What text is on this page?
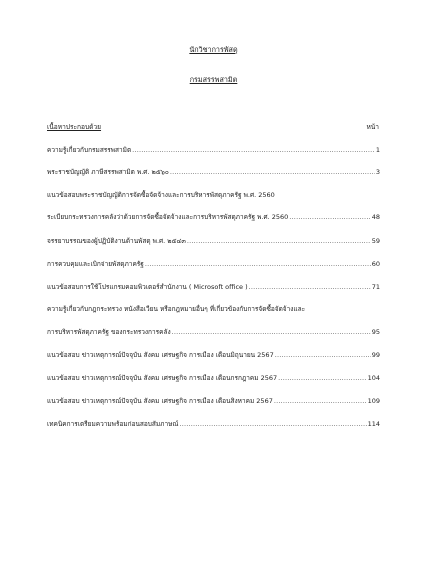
นักวิชาการพัสดุ
กรมสรรพสามิต
เนื้อหาประกอบด้วย	หน้า
ความรู้เกี่ยวกับกรมสรรพสามิต .....	1
พระราชบัญญัติ ภาษีสรรพสามิต พ.ศ. ๒๕๖๐ .....	3
แนวข้อสอบพระราชบัญญัติการจัดซื้อจัดจ้างและการบริหารพัสดุภาครัฐ พ.ศ. 2560
ระเบียบกระทรวงการคลังว่าด้วยการจัดซื้อจัดจ้างและการบริหารพัสดุภาครัฐ พ.ศ. 2560 .....	48
จรรยาบรรณของผู้ปฏิบัติงานด้านพัสดุ พ.ศ. ๒๕๔๓ .....	59
การควบคุมและเบิกจ่ายพัสดุภาครัฐ .....	60
แนวข้อสอบการใช้โปรแกรมคอมพิวเตอร์สำนักงาน ( Microsoft office ) .....	71
ความรู้เกี่ยวกับกฎกระทรวง หนังสือเวียน หรือกฎหมายอื่นๆ ที่เกี่ยวข้องกับการจัดซื้อจัดจ้างและ
การบริหารพัสดุภาครัฐ ของกระทรวงการคลัง .....	95
แนวข้อสอบ ข่าวเหตุการณ์ปัจจุบัน สังคม เศรษฐกิจ การเมือง เดือนมิถุนายน 2567 .....	99
แนวข้อสอบ ข่าวเหตุการณ์ปัจจุบัน สังคม เศรษฐกิจ การเมือง เดือนกรกฎาคม 2567 .....	104
แนวข้อสอบ ข่าวเหตุการณ์ปัจจุบัน สังคม เศรษฐกิจ การเมือง เดือนสิงหาคม 2567 .....	109
เทคนิคการเตรียมความพร้อมก่อนสอบสัมภาษณ์ .....	114
